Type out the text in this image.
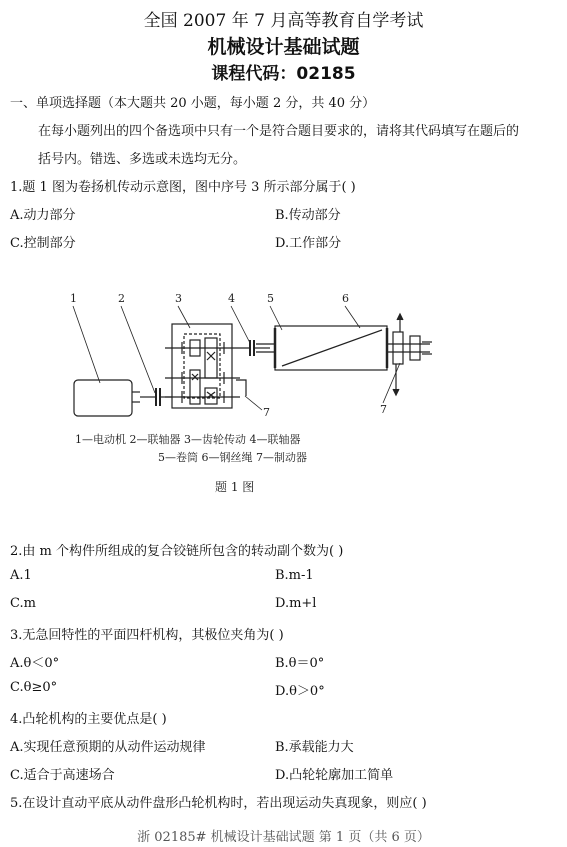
全国 2007 年 7 月高等教育自学考试
机械设计基础试题
课程代码：02185
一、单项选择题（本大题共 20 小题，每小题 2 分，共 40 分）
在每小题列出的四个备选项中只有一个是符合题目要求的，请将其代码填写在题后的
括号内。错选、多选或未选均无分。
1.题 1 图为卷扬机传动示意图，图中序号 3 所示部分属于( )
A.动力部分	B.传动部分
C.控制部分	D.工作部分
1	2	3	4	5	6
7	7
1—电动机 2—联轴器 3—齿轮传动 4—联轴器
5—卷筒 6—钢丝绳 7—制动器
题 1 图
2.由 m 个构件所组成的复合铰链所包含的转动副个数为( )
A.1	B.m-1
C.m	D.m+l
3.无急回特性的平面四杆机构，其极位夹角为( )
A.θ＜0°	B.θ＝0°
C.θ≥0°	D.θ＞0°
4.凸轮机构的主要优点是( )
A.实现任意预期的从动件运动规律	B.承载能力大
C.适合于高速场合	D.凸轮轮廓加工简单
5.在设计直动平底从动件盘形凸轮机构时，若出现运动失真现象，则应( )
浙 02185# 机械设计基础试题 第 1 页（共 6 页）
